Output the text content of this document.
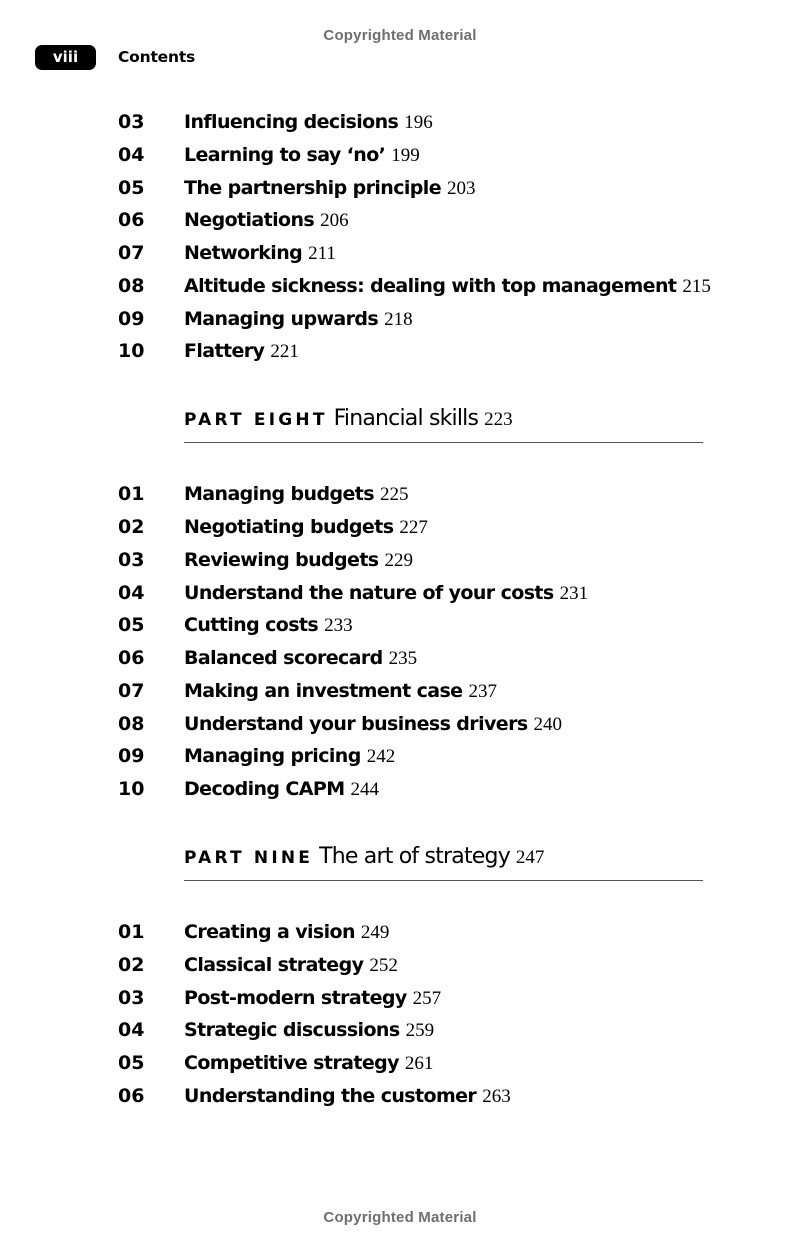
Copyrighted Material
viii	Contents
03 Influencing decisions 196
04 Learning to say ‘no’ 199
05 The partnership principle 203
06 Negotiations 206
07 Networking 211
08 Altitude sickness: dealing with top management 215
09 Managing upwards 218
10 Flattery 221
PART EIGHT Financial skills 223
01 Managing budgets 225
02 Negotiating budgets 227
03 Reviewing budgets 229
04 Understand the nature of your costs 231
05 Cutting costs 233
06 Balanced scorecard 235
07 Making an investment case 237
08 Understand your business drivers 240
09 Managing pricing 242
10 Decoding CAPM 244
PART NINE The art of strategy 247
01 Creating a vision 249
02 Classical strategy 252
03 Post-modern strategy 257
04 Strategic discussions 259
05 Competitive strategy 261
06 Understanding the customer 263
Copyrighted Material
